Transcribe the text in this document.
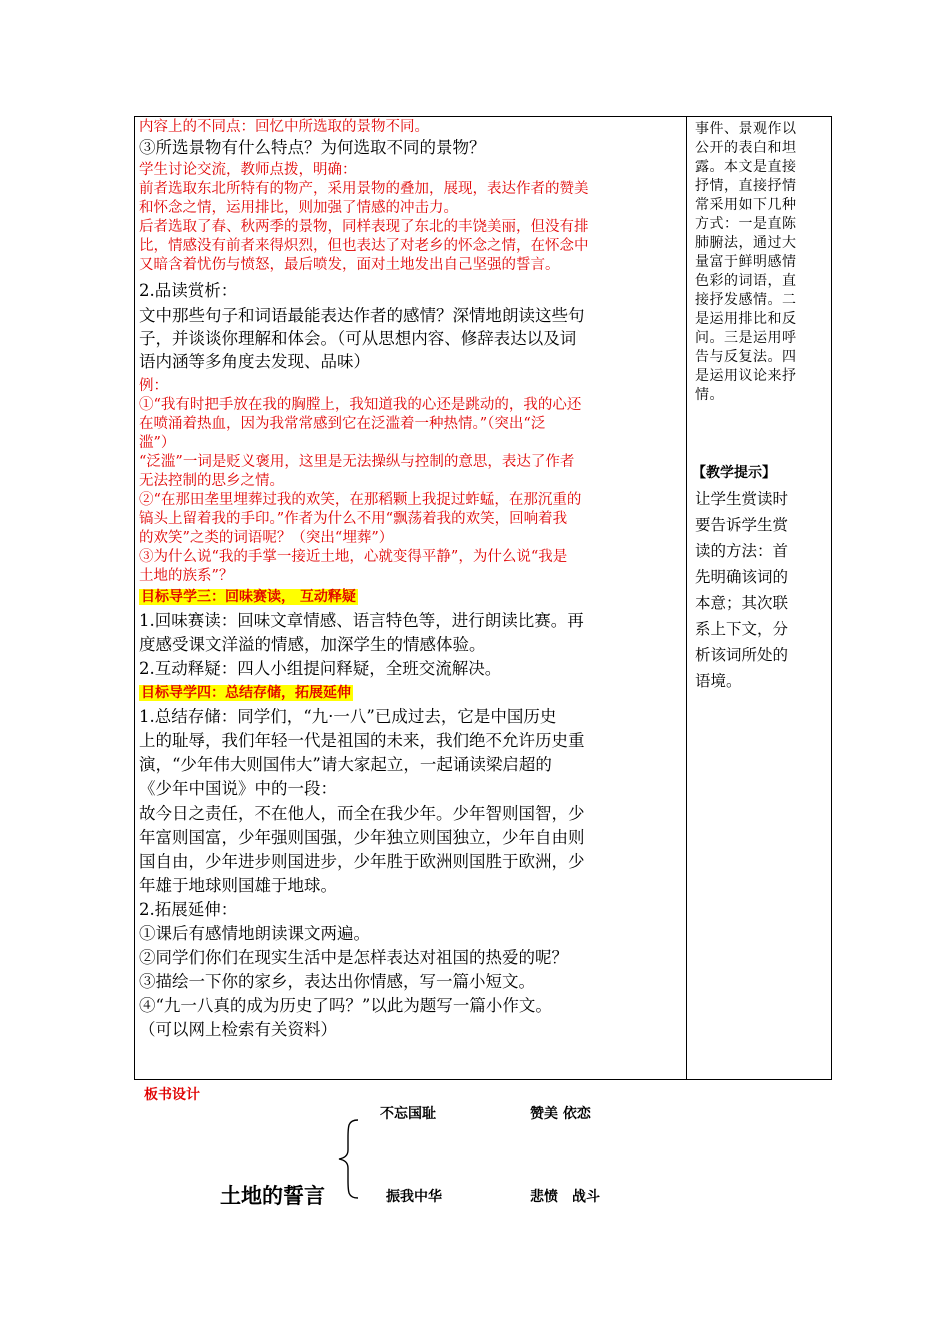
内容上的不同点：回忆中所选取的景物不同。
③所选景物有什么特点？为何选取不同的景物？
学生讨论交流，教师点拨，明确：
前者选取东北所特有的物产，采用景物的叠加，展现，表达作者的赞美
和怀念之情，运用排比，则加强了情感的冲击力。
后者选取了春、秋两季的景物，同样表现了东北的丰饶美丽，但没有排
比，情感没有前者来得炽烈，但也表达了对老乡的怀念之情，在怀念中
又暗含着忧伤与愤怒，最后喷发，面对土地发出自己坚强的誓言。
2.品读赏析：
文中那些句子和词语最能表达作者的感情？深情地朗读这些句
子，并谈谈你理解和体会。（可从思想内容、修辞表达以及词
语内涵等多角度去发现、品味）
例：
①“我有时把手放在我的胸膛上，我知道我的心还是跳动的，我的心还
在喷涌着热血，因为我常常感到它在泛滥着一种热情。”（突出“泛
滥”）
“泛滥”一词是贬义褒用，这里是无法操纵与控制的意思，表达了作者
无法控制的思乡之情。
②“在那田垄里埋葬过我的欢笑，在那稻颗上我捉过蚱蜢，在那沉重的
镐头上留着我的手印。”作者为什么不用“飘荡着我的欢笑，回响着我
的欢笑”之类的词语呢？（突出“埋葬”）
③为什么说“我的手掌一接近土地，心就变得平静”，为什么说“我是
土地的族系”？
目标导学三：回味赛读， 互动释疑
1.回味赛读：回味文章情感、语言特色等，进行朗读比赛。再
度感受课文洋溢的情感，加深学生的情感体验。
2.互动释疑：四人小组提问释疑，全班交流解决。
目标导学四：总结存储，拓展延伸
1.总结存储：同学们，“九·一八”已成过去，它是中国历史
上的耻辱，我们年轻一代是祖国的未来，我们绝不允许历史重
演，“少年伟大则国伟大”请大家起立，一起诵读梁启超的
《少年中国说》中的一段：
故今日之责任，不在他人，而全在我少年。少年智则国智，少
年富则国富，少年强则国强，少年独立则国独立，少年自由则
国自由，少年进步则国进步，少年胜于欧洲则国胜于欧洲，少
年雄于地球则国雄于地球。
2.拓展延伸：
①课后有感情地朗读课文两遍。
②同学们你们在现实生活中是怎样表达对祖国的热爱的呢？
③描绘一下你的家乡，表达出你情感，写一篇小短文。
④“九一八真的成为历史了吗？”以此为题写一篇小作文。
（可以网上检索有关资料）
事件、景观作以
公开的表白和坦
露。本文是直接
抒情，直接抒情
常采用如下几种
方式：一是直陈
肺腑法，通过大
量富于鲜明感情
色彩的词语，直
接抒发感情。二
是运用排比和反
问。三是运用呼
告与反复法。四
是运用议论来抒
情。
【教学提示】
让学生赏读时
要告诉学生赏
读的方法：首
先明确该词的
本意；其次联
系上下文，分
析该词所处的
语境。
板书设计
土地的誓言
不忘国耻	赞美 依恋
振我中华	悲愤　战斗
